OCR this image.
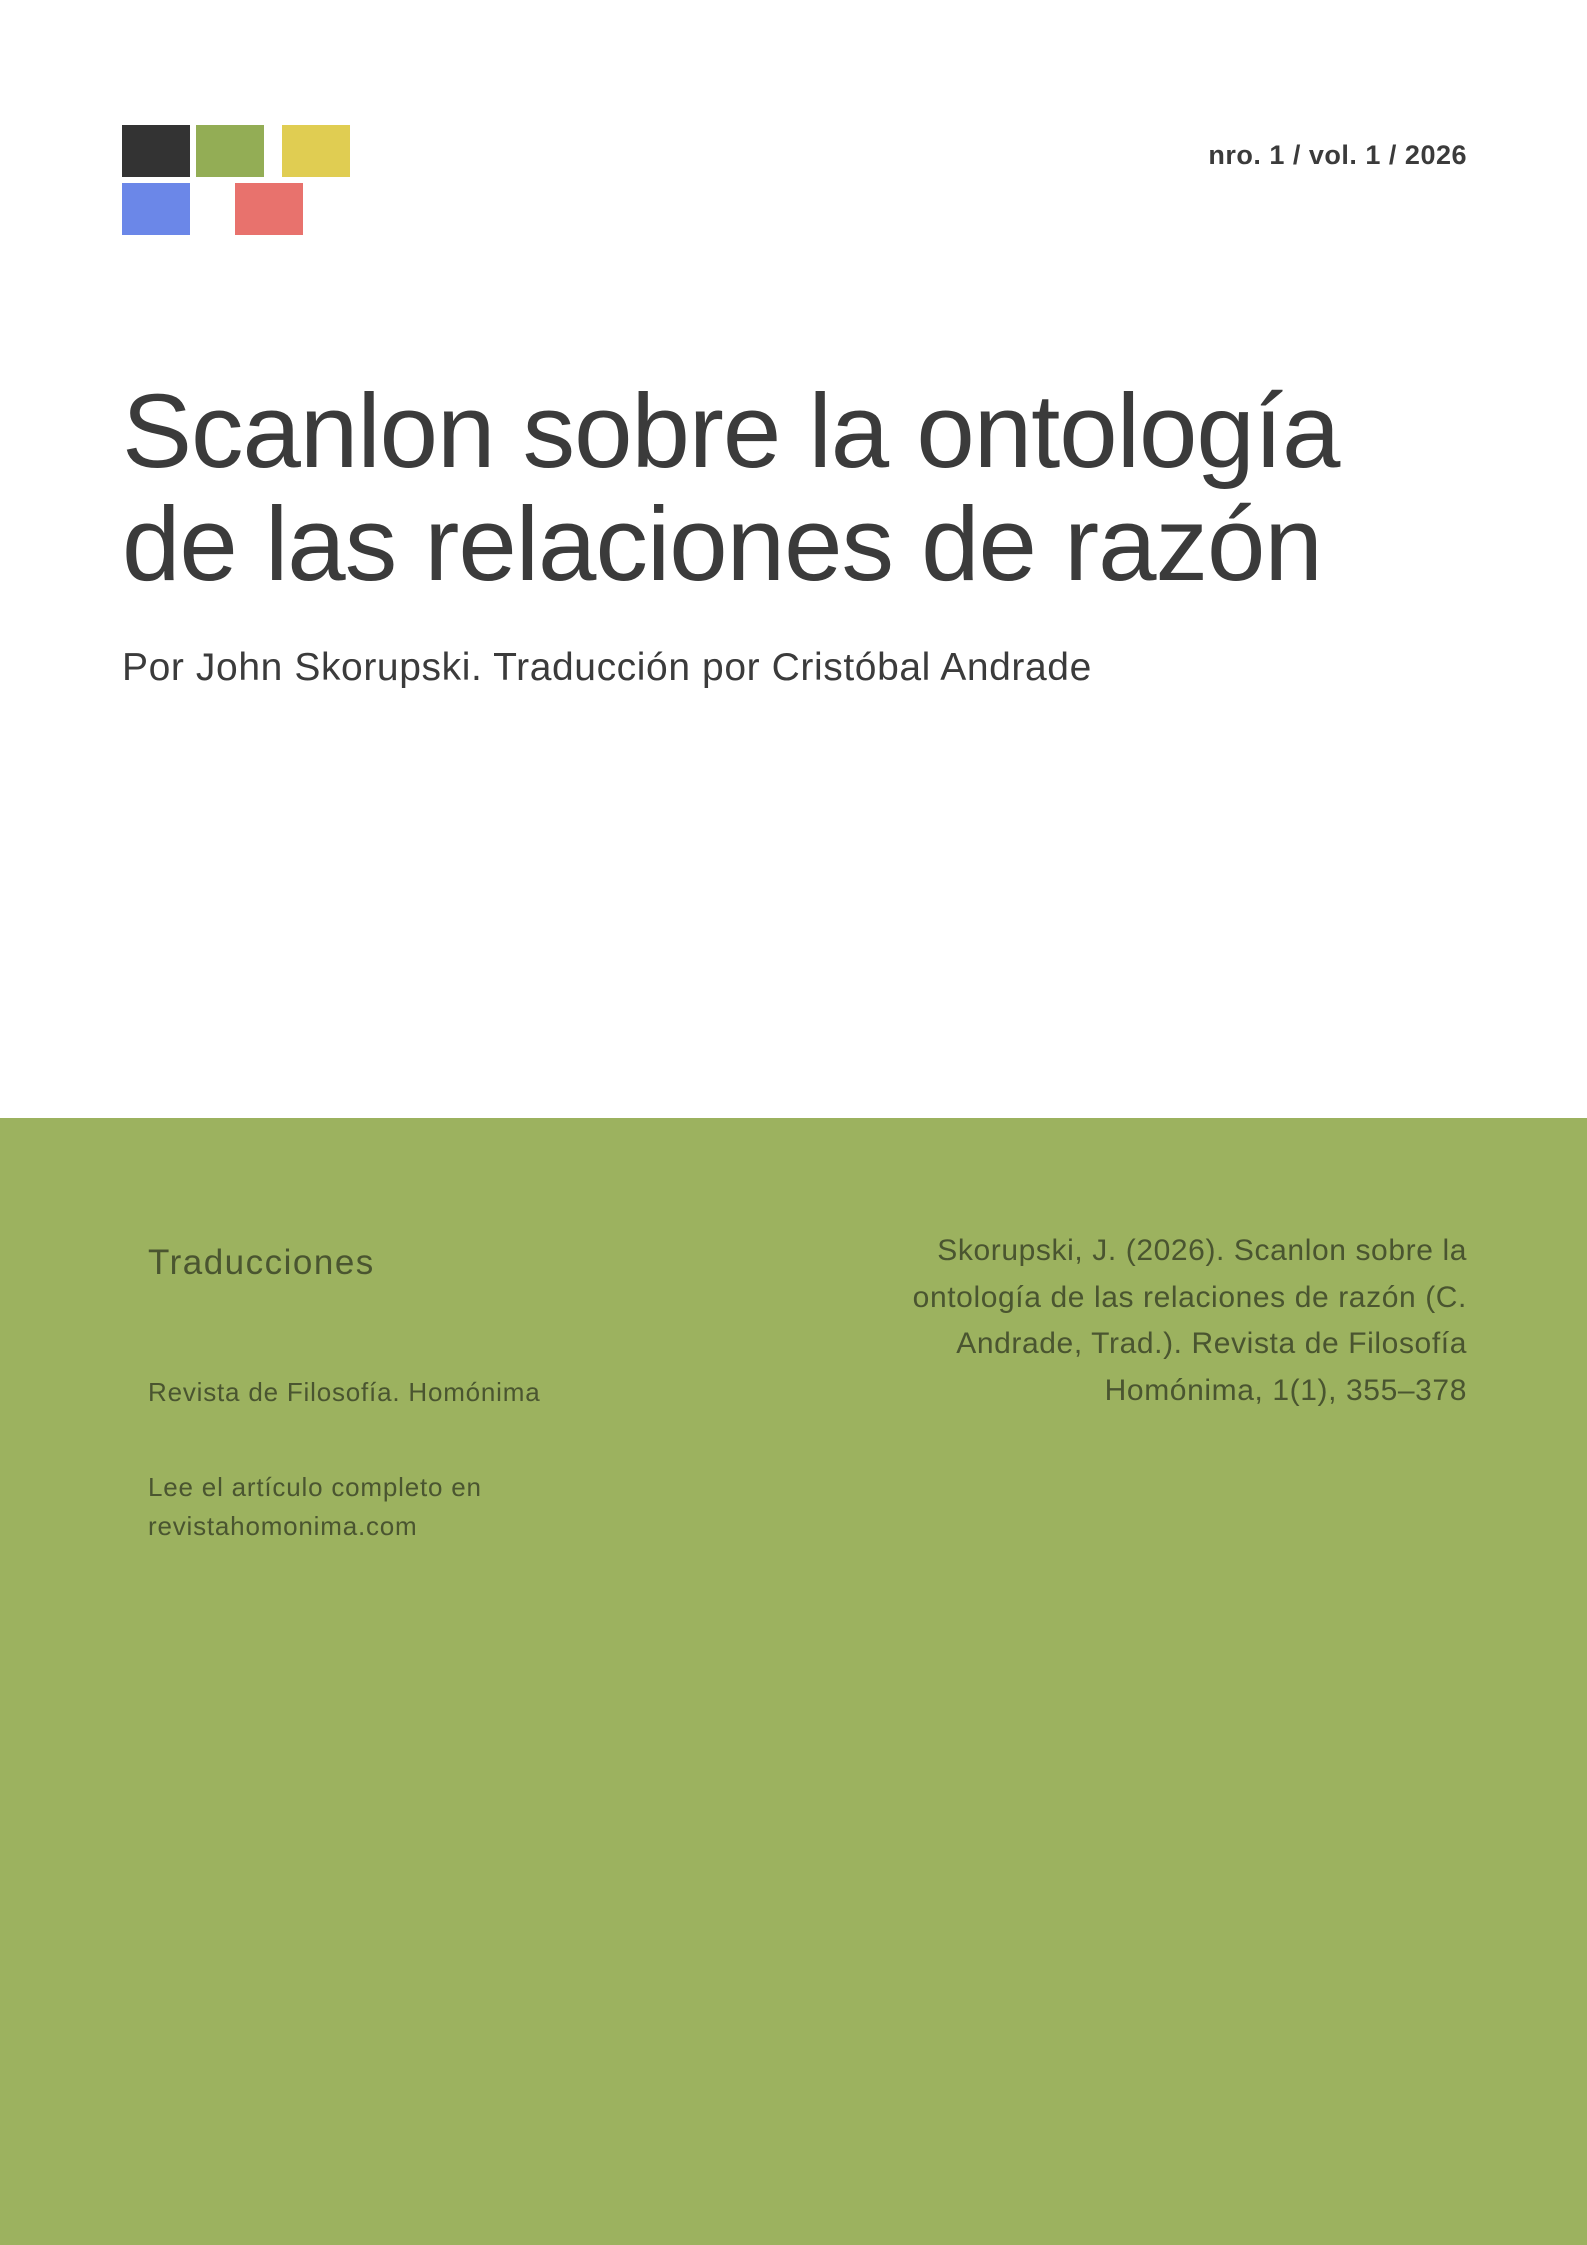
nro. 1 / vol. 1 / 2026
Scanlon sobre la ontología de las relaciones de razón

Por John Skorupski. Traducción por Cristóbal Andrade

Traducciones

Revista de Filosofía. Homónima

Lee el artículo completo en revistahomonima.com

Skorupski, J. (2026). Scanlon sobre la ontología de las relaciones de razón (C. Andrade, Trad.). Revista de Filosofía Homónima, 1(1), 355–378
